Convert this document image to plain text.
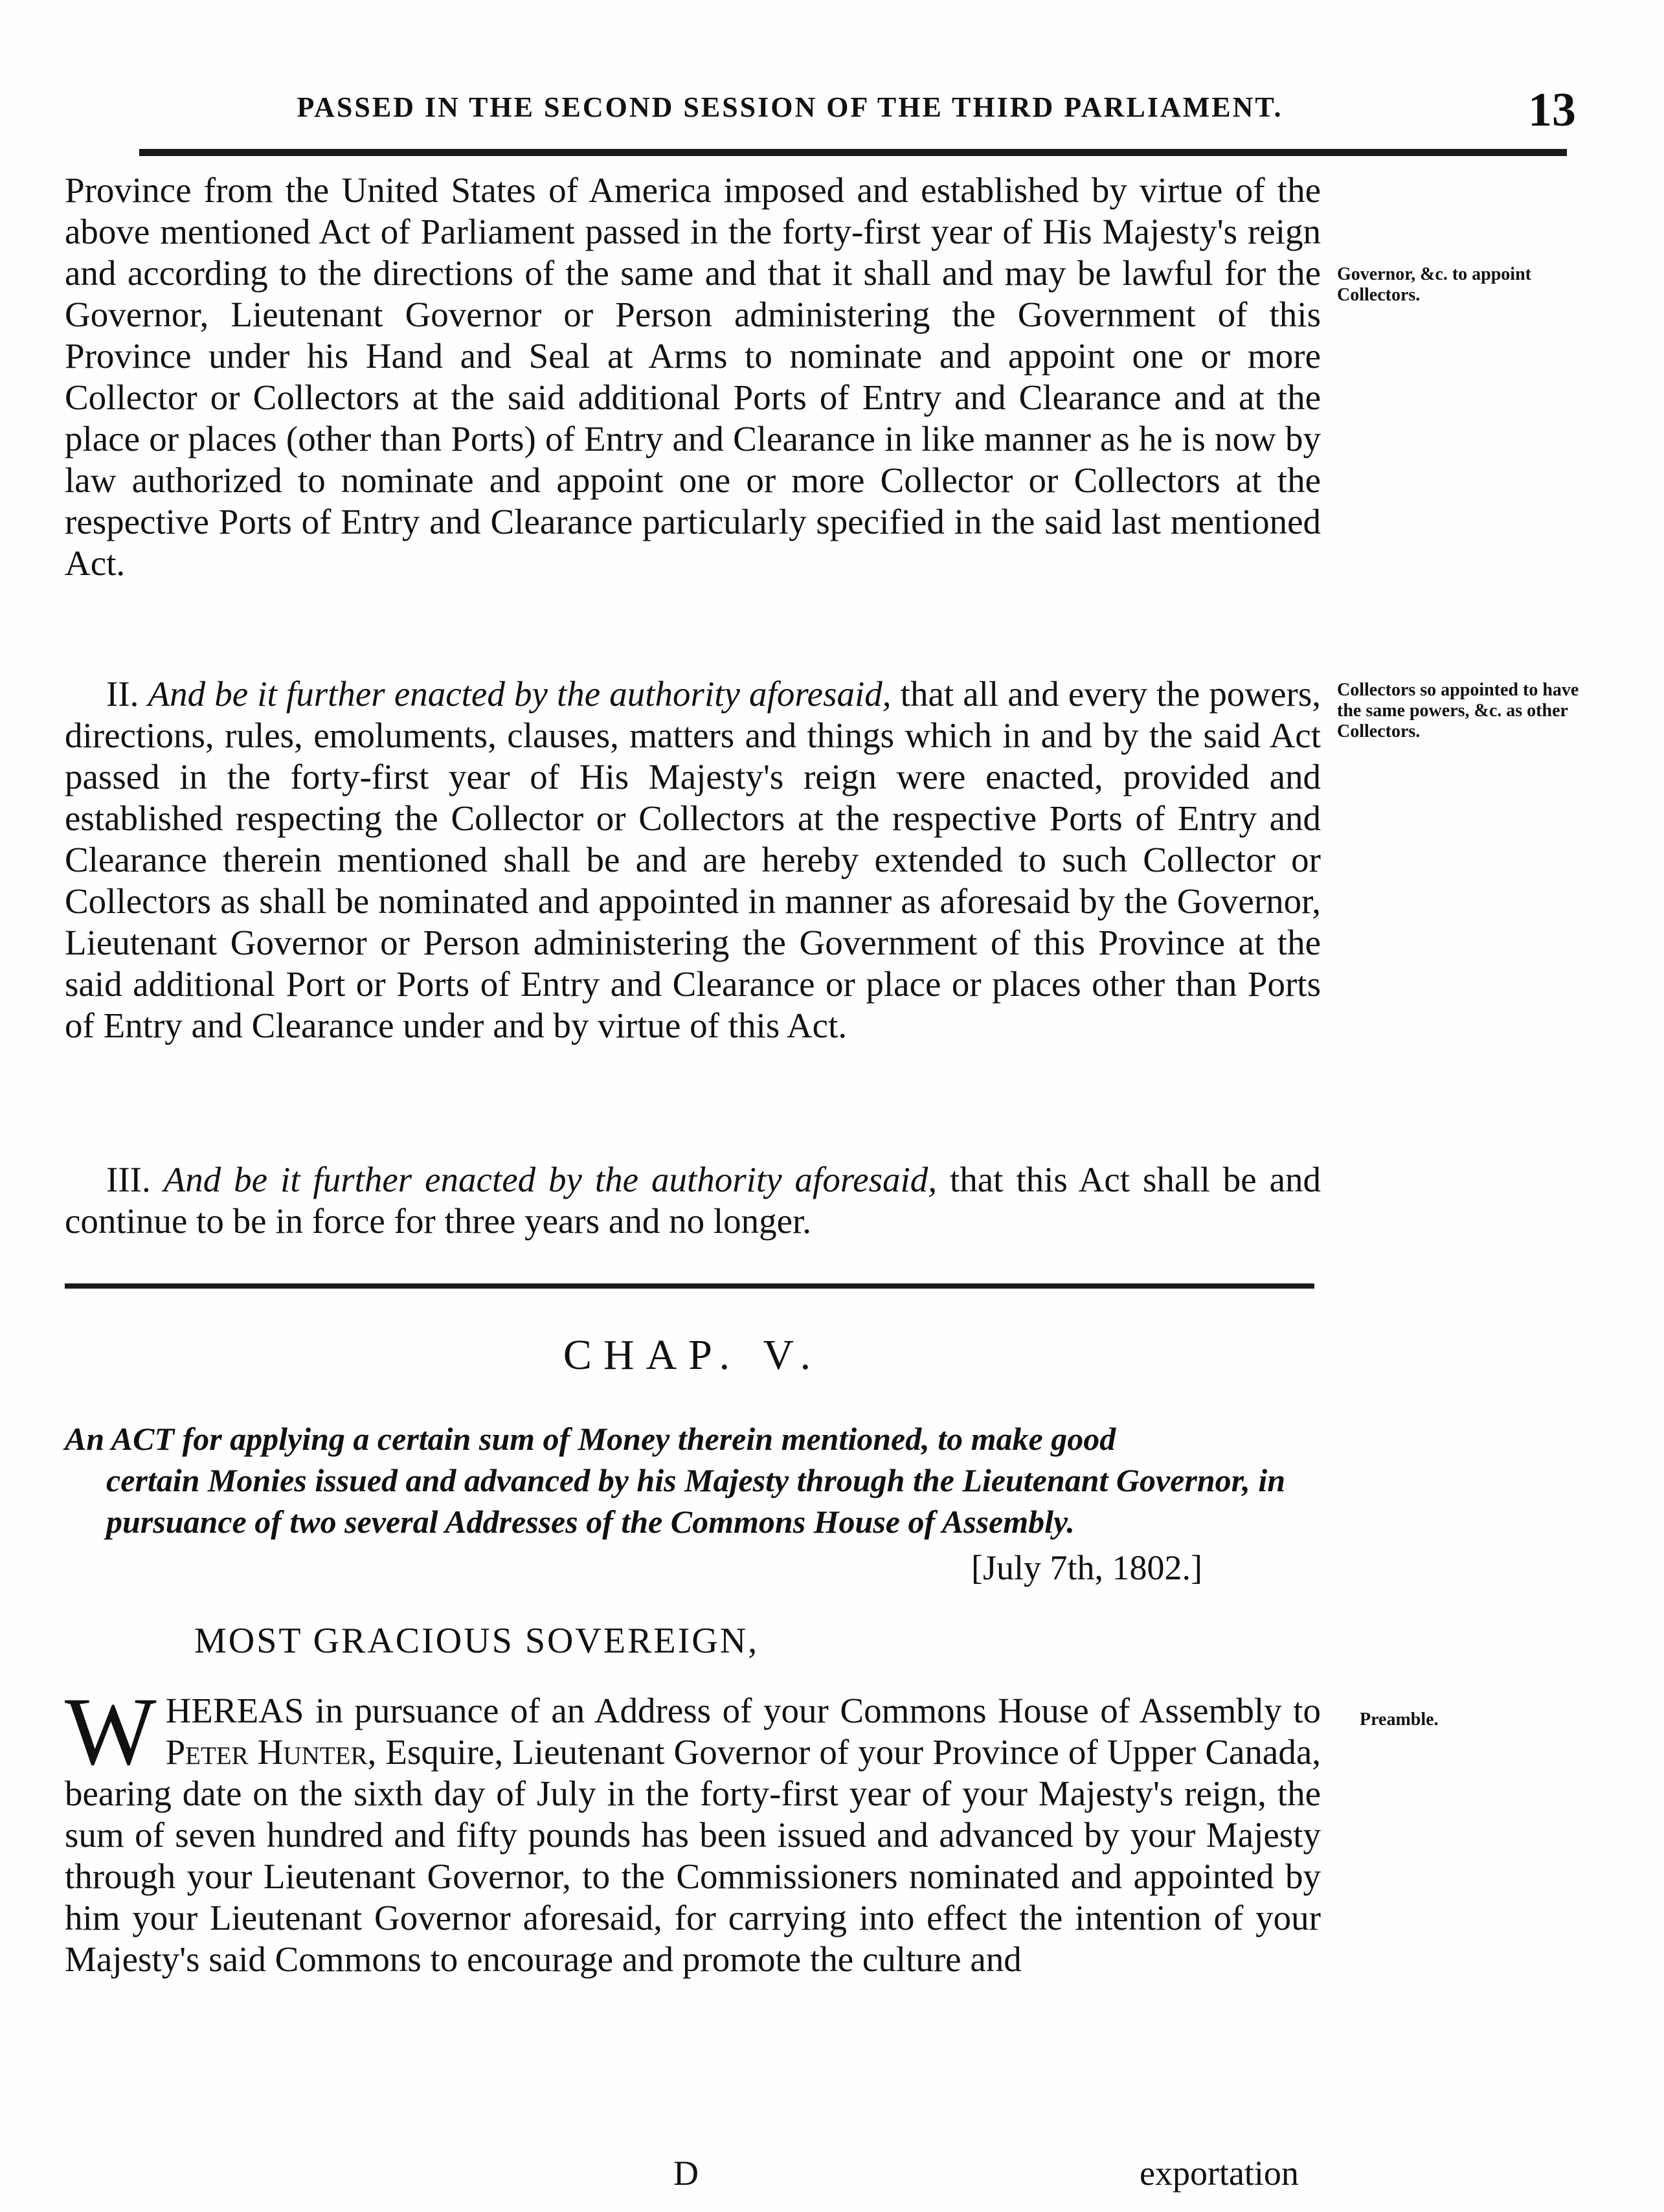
PASSED IN THE SECOND SESSION OF THE THIRD PARLIAMENT.	13

Province from the United States of America imposed and established by virtue of the above mentioned Act of Parliament passed in the forty-first year of His Majesty's reign and according to the directions of the same and that it shall and may be lawful for the Governor, Lieutenant Governor or Person administering the Government of this Province under his Hand and Seal at Arms to nominate and appoint one or more Collector or Collectors at the said additional Ports of Entry and Clearance and at the place or places (other than Ports) of Entry and Clearance in like manner as he is now by law authorized to nominate and appoint one or more Collector or Collectors at the respective Ports of Entry and Clearance particularly specified in the said last mentioned Act.

Governor, &c. to appoint Collectors.

II. And be it further enacted by the authority aforesaid, that all and every the powers, directions, rules, emoluments, clauses, matters and things which in and by the said Act passed in the forty-first year of His Majesty's reign were enacted, provided and established respecting the Collector or Collectors at the respective Ports of Entry and Clearance therein mentioned shall be and are hereby extended to such Collector or Collectors as shall be nominated and appointed in manner as aforesaid by the Governor, Lieutenant Governor or Person administering the Government of this Province at the said additional Port or Ports of Entry and Clearance or place or places other than Ports of Entry and Clearance under and by virtue of this Act.

Collectors so appointed to have the same powers, &c. as other Collectors.

III. And be it further enacted by the authority aforesaid, that this Act shall be and continue to be in force for three years and no longer.

CHAP. V.
An ACT for applying a certain sum of Money therein mentioned, to make good
certain Monies issued and advanced by his Majesty through the Lieutenant Governor, in pursuance of two several Addresses of the Commons House of Assembly.
[July 7th, 1802.]
MOST GRACIOUS SOVEREIGN,
WHEREAS in pursuance of an Address of your Commons House of Assembly to Peter Hunter, Esquire, Lieutenant Governor of your Province of Upper Canada, bearing date on the sixth day of July in the forty-first year of your Majesty's reign, the sum of seven hundred and fifty pounds has been issued and advanced by your Majesty through your Lieutenant Governor, to the Commissioners nominated and appointed by him your Lieutenant Governor aforesaid, for carrying into effect the intention of your Majesty's said Commons to encourage and promote the culture and
Preamble.
D	exportation
